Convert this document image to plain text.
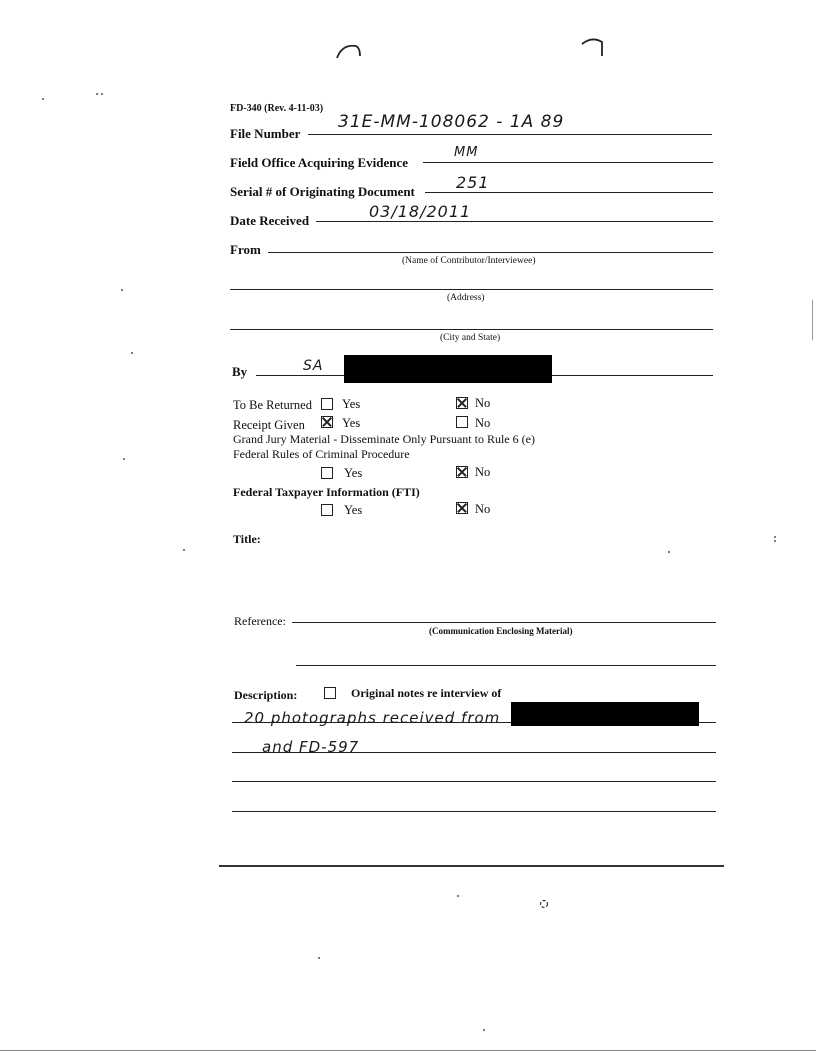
FD-340 (Rev. 4-11-03)
File Number
31E-MM-108062 - 1A 89
Field Office Acquiring Evidence
MM
Serial # of Originating Document	251
Date Received	03/18/2011
From
(Name of Contributor/Interviewee)
(Address)
(City and State)
By	SA
To Be Returned Yes	No
Receipt Given	Yes	No
Grand Jury Material - Disseminate Only Pursuant to Rule 6 (e)
Federal Rules of Criminal Procedure
Yes	No
Federal Taxpayer Information (FTI)
Yes	No
Title:
Reference:
(Communication Enclosing Material)
Description:	Original notes re interview of
20 photographs received from
and FD-597
